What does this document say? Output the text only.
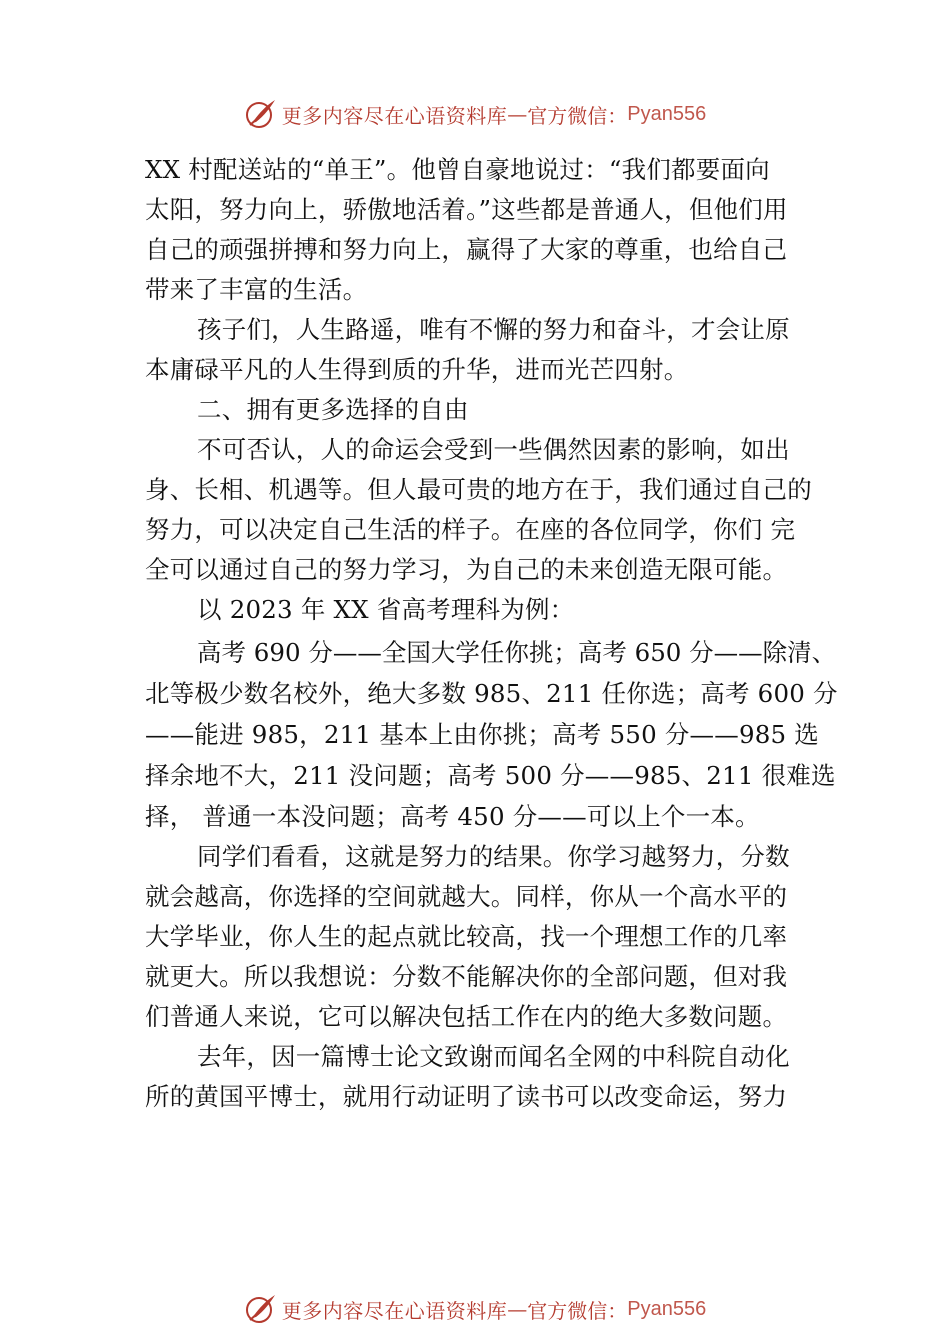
更多内容尽在心语资料库 — 官方微信： Pyan556
XX 村配送站的“单王”。他曾自豪地说过：“我们都要面向
太阳，努力向上，骄傲地活着。”这些都是普通人，但他们用
自己的顽强拼搏和努力向上，赢得了大家的尊重，也给自己
带来了丰富的生活。
孩子们，人生路遥，唯有不懈的努力和奋斗，才会让原
本庸碌平凡的人生得到质的升华，进而光芒四射。
二、拥有更多选择的自由
不可否认，人的命运会受到一些偶然因素的影响，如出
身、长相、机遇等。但人最可贵的地方在于，我们通过自己的
努力，可以决定自己生活的样子。在座的各位同学，你们 完
全可以通过自己的努力学习，为自己的未来创造无限可能。
以 2023 年 XX 省高考理科为例：
高考 690 分——全国大学任你挑；高考 650 分——除清、
北等极少数名校外，绝大多数 985、211 任你选；高考 600 分
——能进 985，211 基本上由你挑；高考 550 分——985 选
择余地不大，211 没问题；高考 500 分——985、211 很难选
择， 普通一本没问题；高考 450 分——可以上个一本。
同学们看看，这就是努力的结果。你学习越努力，分数
就会越高，你选择的空间就越大。同样，你从一个高水平的
大学毕业，你人生的起点就比较高，找一个理想工作的几率
就更大。所以我想说：分数不能解决你的全部问题，但对我
们普通人来说，它可以解决包括工作在内的绝大多数问题。
去年，因一篇博士论文致谢而闻名全网的中科院自动化
所的黄国平博士，就用行动证明了读书可以改变命运，努力
更多内容尽在心语资料库 — 官方微信： Pyan556
